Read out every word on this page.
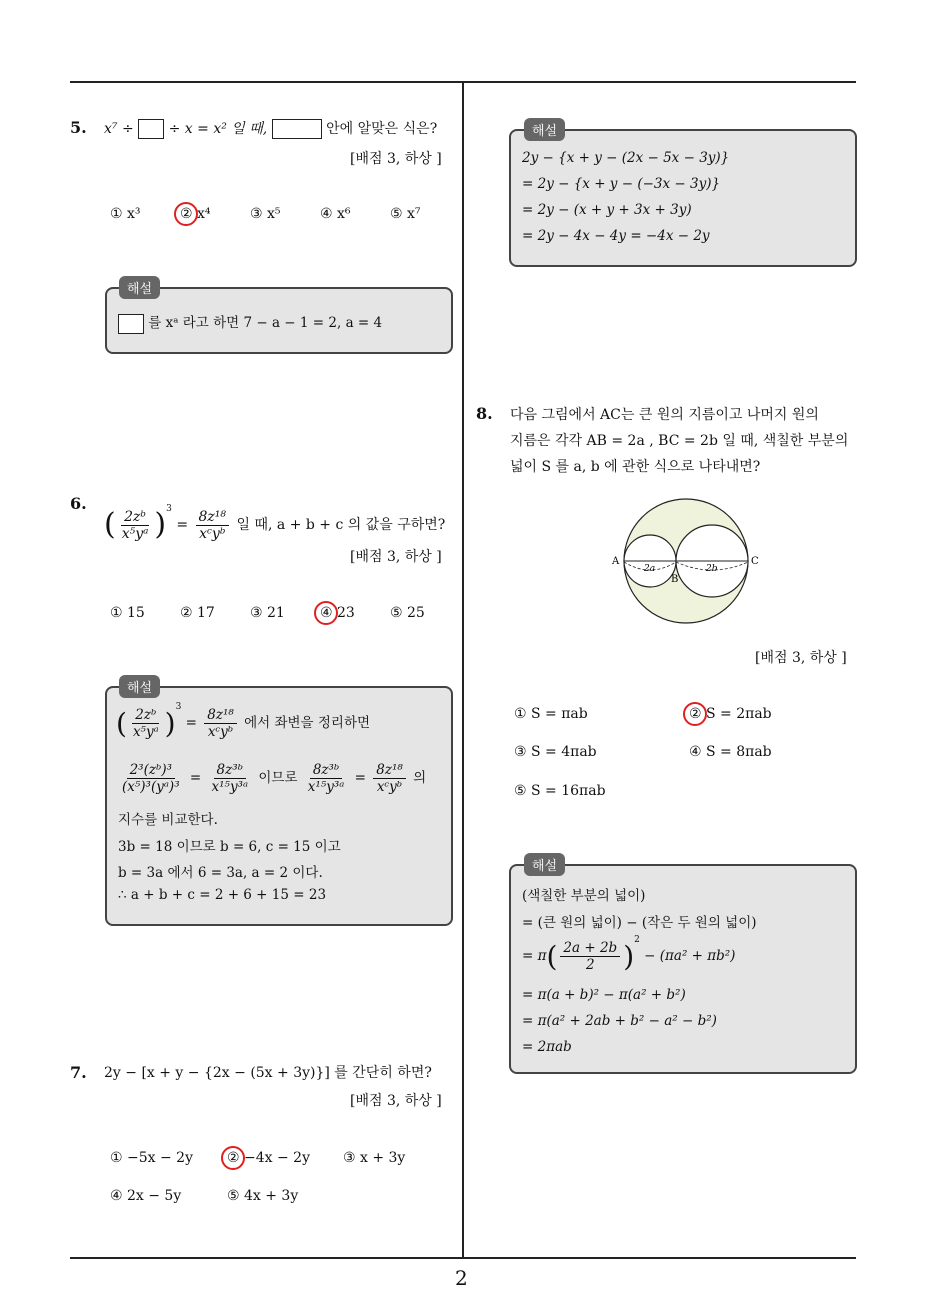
2
5. x⁷ ÷ ÷ x = x² 일 때,	안에 알맞은 식은?
[배점 3, 하상 ]
① x³	② x⁴	③ x⁵	④ x⁶	⑤ x⁷
해설
를 xᵃ 라고 하면 7 − a − 1 = 2, a = 4
6.
( $\frac{\text{2zᵇ}}{\text{x⁵yᵃ}} )^3 = \frac{\text{8z¹⁸}}{\text{xᶜyᵇ}}$ 일 때, a + b + c 의 값을 구하면?
[배점 3, 하상 ]
① 15	② 17	③ 21	④ 23	⑤ 25
해설
( $\frac{\text{2zᵇ}}{\text{x⁵yᵃ}} )^3 = \frac{\text{8z¹⁸}}{\text{xᶜyᵇ}}$ 에서 좌변을 정리하면
$\frac{\text{2³(zᵇ)³}}{\text{(x⁵)³(yᵃ)³}} = \frac{\text{8z³ᵇ}}{\text{x¹⁵y³ᵃ}}$ 이므로 $\frac{\text{8z³ᵇ}}{\text{x¹⁵y³ᵃ}} = \frac{\text{8z¹⁸}}{\text{xᶜyᵇ}}$ 의
지수를 비교한다.
3b = 18 이므로 b = 6, c = 15 이고
b = 3a 에서 6 = 3a, a = 2 이다.
∴ a + b + c = 2 + 6 + 15 = 23
7. 2y − [x + y − {2x − (5x + 3y)}] 를 간단히 하면?
[배점 3, 하상 ]
① −5x − 2y ② −4x − 2y ③ x + 3y
④ 2x − 5y	⑤ 4x + 3y
해설
2y − {x + y − (2x − 5x − 3y)}
= 2y − {x + y − (−3x − 3y)}
= 2y − (x + y + 3x + 3y)
= 2y − 4x − 4y = −4x − 2y
8. 다음 그림에서 AC는 큰 원의 지름이고 나머지 원의
지름은 각각 AB = 2a , BC = 2b 일 때, 색칠한 부분의
넓이 S 를 a, b 에 관한 식으로 나타내면?
2a	2b
A
B
C
[배점 3, 하상 ]
① S = πab	② S = 2πab
③ S = 4πab	④ S = 8πab
⑤ S = 16πab
해설
(색칠한 부분의 넓이)
= (큰 원의 넓이) − (작은 두 원의 넓이)
= $\pi( \frac{2a + 2b}{2} )^2 - (\pi a^2 + \pi b^2)$
= π(a + b)² − π(a² + b²)
= π(a² + 2ab + b² − a² − b²)
= 2πab
